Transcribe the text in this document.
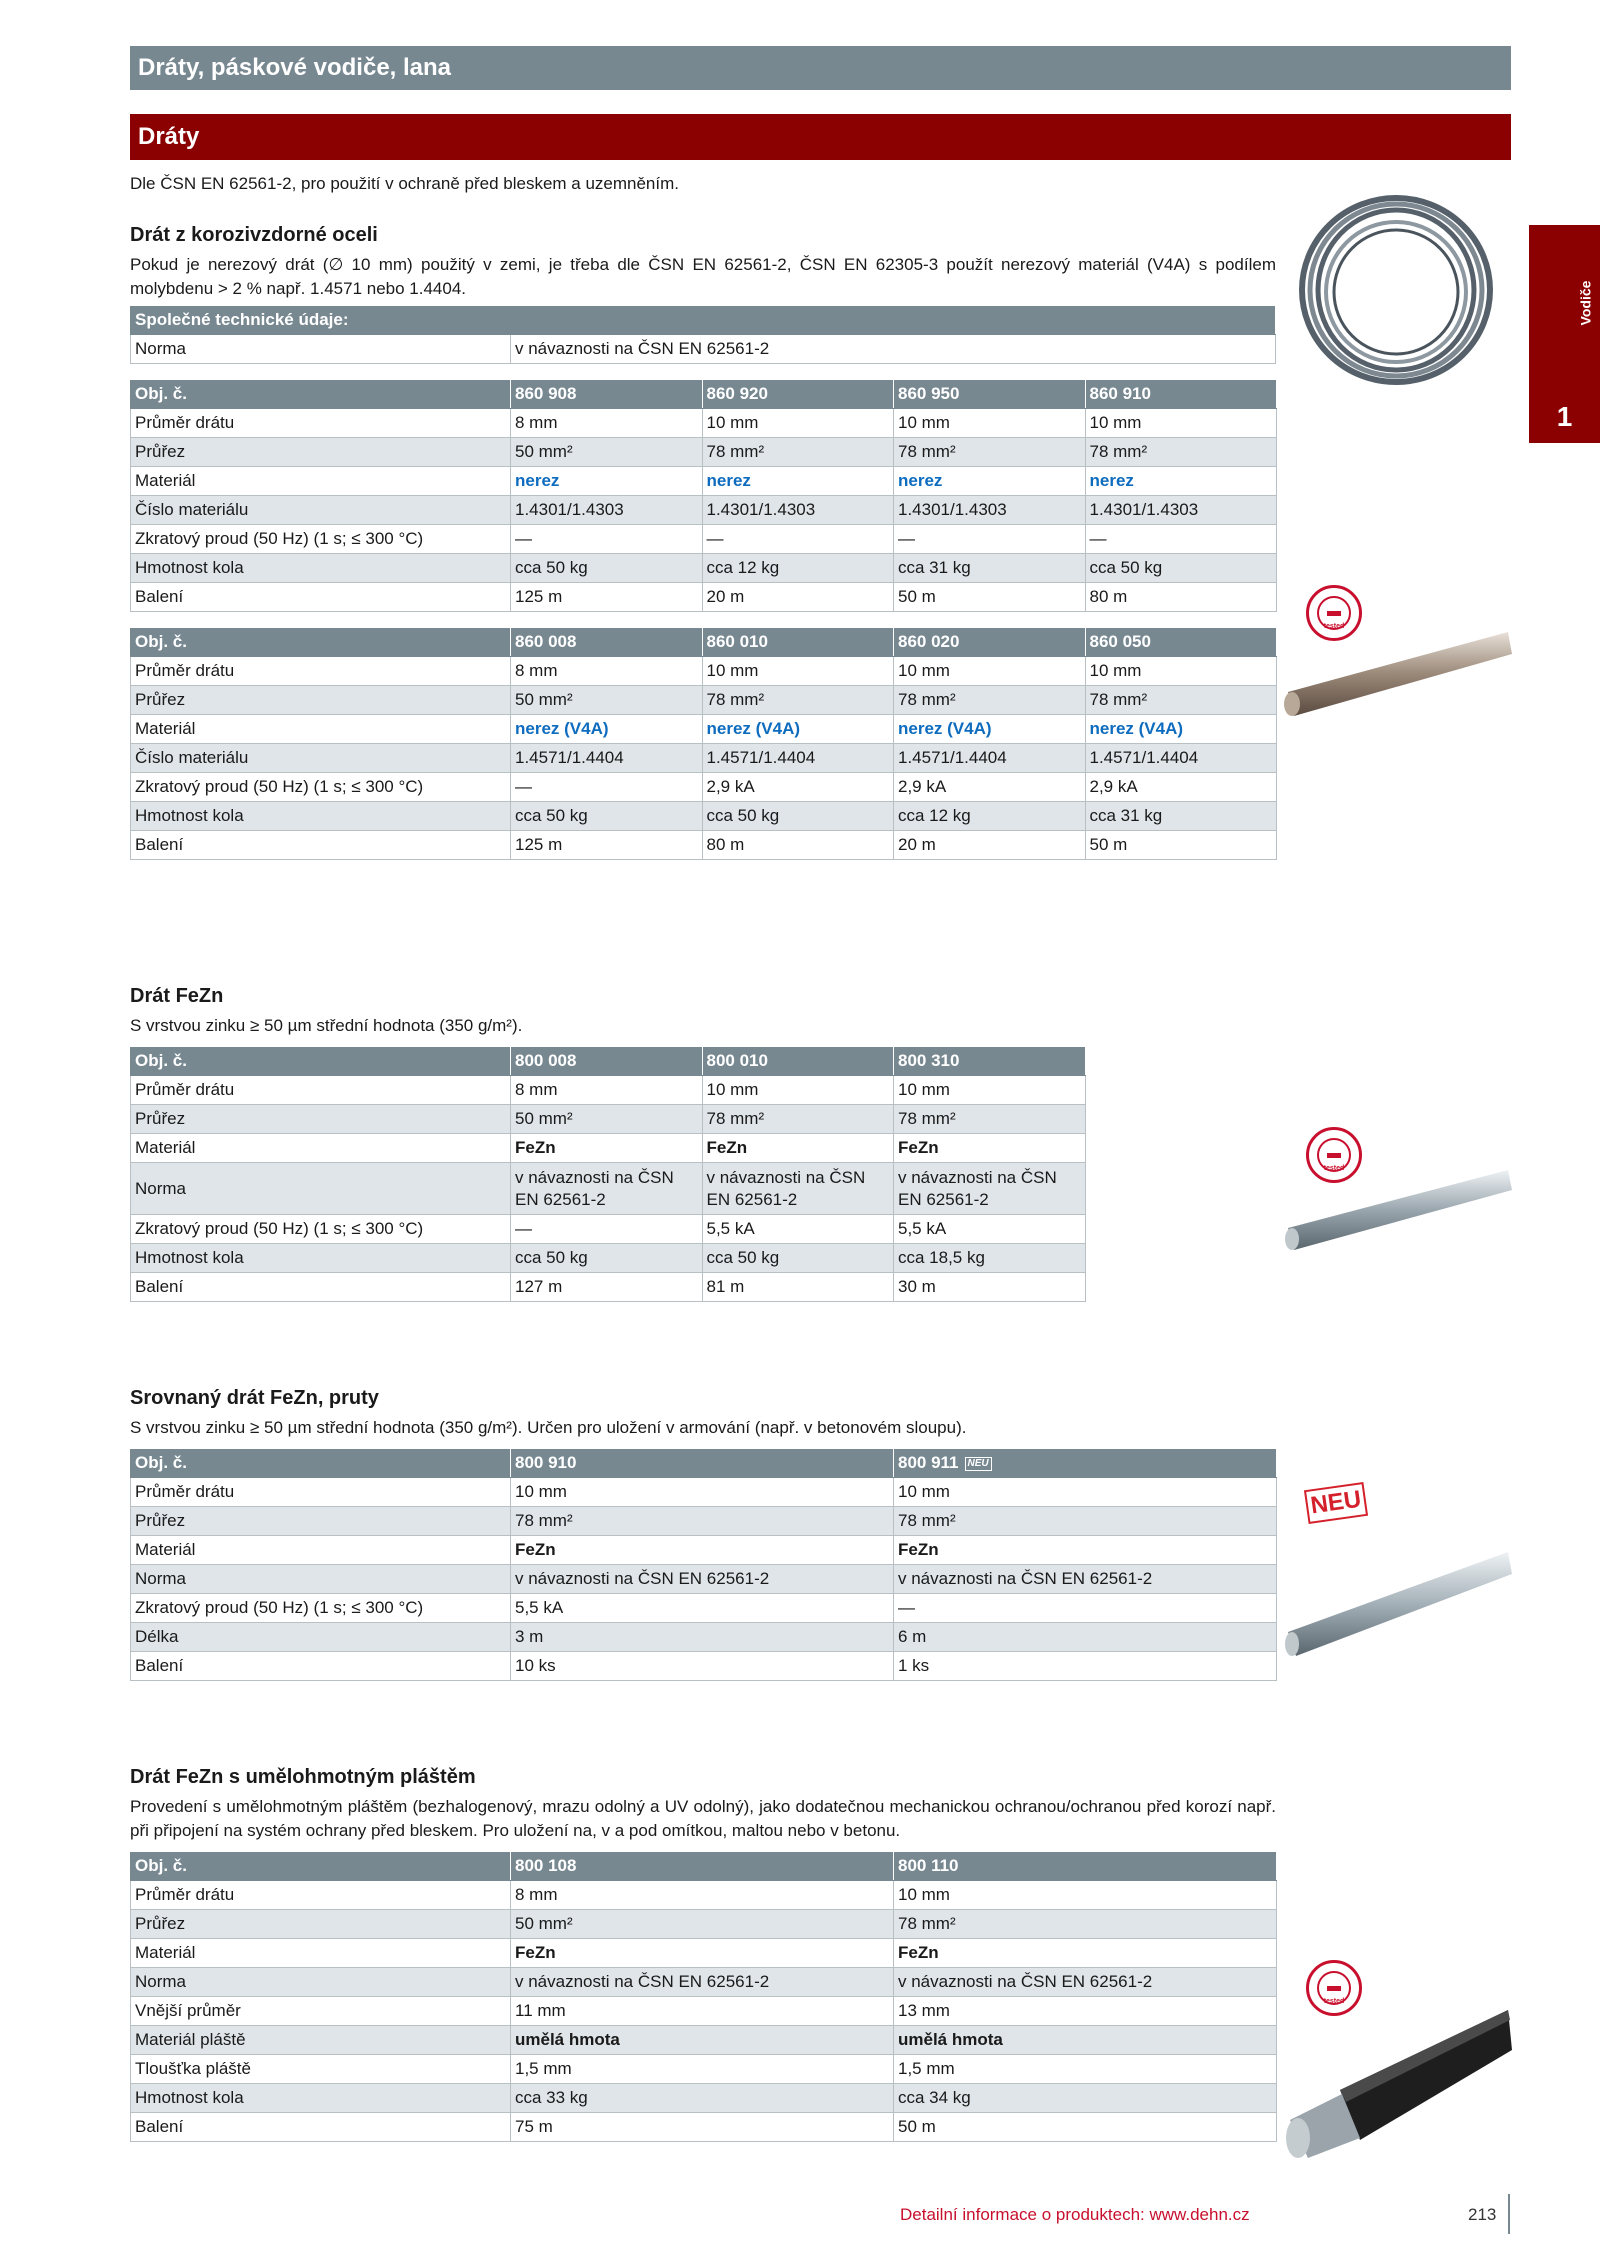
Dráty, páskové vodiče, lana
Dráty
Dle ČSN EN 62561-2, pro použití v ochraně před bleskem a uzemněním.
Vodiče
1
Drát z korozivzdorné oceli
Pokud je nerezový drát (∅ 10 mm) použitý v zemi, je třeba dle ČSN EN 62561-2, ČSN EN 62305-3 použít nerezový materiál (V4A) s podílem molybdenu > 2 % např. 1.4571 nebo 1.4404.
Společné technické údaje:
Norma	v návaznosti na ČSN EN 62561-2
Obj. č.	860 908	860 920	860 950	860 910
Průměr drátu	8 mm	10 mm	10 mm	10 mm
Průřez	50 mm²	78 mm²	78 mm²	78 mm²
Materiál	nerez	nerez	nerez	nerez
Číslo materiálu	1.4301/1.4303	1.4301/1.4303	1.4301/1.4303	1.4301/1.4303
Zkratový proud (50 Hz) (1 s; ≤ 300 °C)	—	—	—	—
Hmotnost kola	cca 50 kg	cca 12 kg	cca 31 kg	cca 50 kg
Balení	125 m	20 m	50 m	80 m
Obj. č.	860 008	860 010	860 020	860 050
Průměr drátu	8 mm	10 mm	10 mm	10 mm
Průřez	50 mm²	78 mm²	78 mm²	78 mm²
Materiál	nerez (V4A)	nerez (V4A)	nerez (V4A)	nerez (V4A)
Číslo materiálu	1.4571/1.4404	1.4571/1.4404	1.4571/1.4404	1.4571/1.4404
Zkratový proud (50 Hz) (1 s; ≤ 300 °C)	—	2,9 kA	2,9 kA	2,9 kA
Hmotnost kola	cca 50 kg	cca 50 kg	cca 12 kg	cca 31 kg
Balení	125 m	80 m	20 m	50 m
Drát FeZn
S vrstvou zinku ≥ 50 µm střední hodnota (350 g/m²).
Obj. č.	800 008	800 010	800 310	
Průměr drátu	8 mm	10 mm	10 mm	
Průřez	50 mm²	78 mm²	78 mm²	
Materiál	FeZn	FeZn	FeZn	
Norma	v návaznosti na ČSN EN 62561-2	v návaznosti na ČSN EN 62561-2	v návaznosti na ČSN EN 62561-2	
Zkratový proud (50 Hz) (1 s; ≤ 300 °C)	—	5,5 kA	5,5 kA	
Hmotnost kola	cca 50 kg	cca 50 kg	cca 18,5 kg	
Balení	127 m	81 m	30 m	
Srovnaný drát FeZn, pruty
S vrstvou zinku ≥ 50 µm střední hodnota (350 g/m²). Určen pro uložení v armování (např. v betonovém sloupu).
Obj. č.	800 910	800 911 NEU
Průměr drátu	10 mm	10 mm
Průřez	78 mm²	78 mm²
Materiál	FeZn	FeZn
Norma	v návaznosti na ČSN EN 62561-2	v návaznosti na ČSN EN 62561-2
Zkratový proud (50 Hz) (1 s; ≤ 300 °C)	5,5 kA	—
Délka	3 m	6 m
Balení	10 ks	1 ks
Drát FeZn s umělohmotným pláštěm
Provedení s umělohmotným pláštěm (bezhalogenový, mrazu odolný a UV odolný), jako dodatečnou mechanickou ochranou/ochranou před korozí např. při připojení na systém ochrany před bleskem. Pro uložení na, v a pod omítkou, maltou nebo v betonu.
Obj. č.	800 108	800 110
Průměr drátu	8 mm	10 mm
Průřez	50 mm²	78 mm²
Materiál	FeZn	FeZn
Norma	v návaznosti na ČSN EN 62561-2	v návaznosti na ČSN EN 62561-2
Vnější průměr	11 mm	13 mm
Materiál pláště	umělá hmota	umělá hmota
Tloušťka pláště	1,5 mm	1,5 mm
Hmotnost kola	cca 33 kg	cca 34 kg
Balení	75 m	50 m
tested
tested
NEU
tested
Detailní informace o produktech: www.dehn.cz	213
